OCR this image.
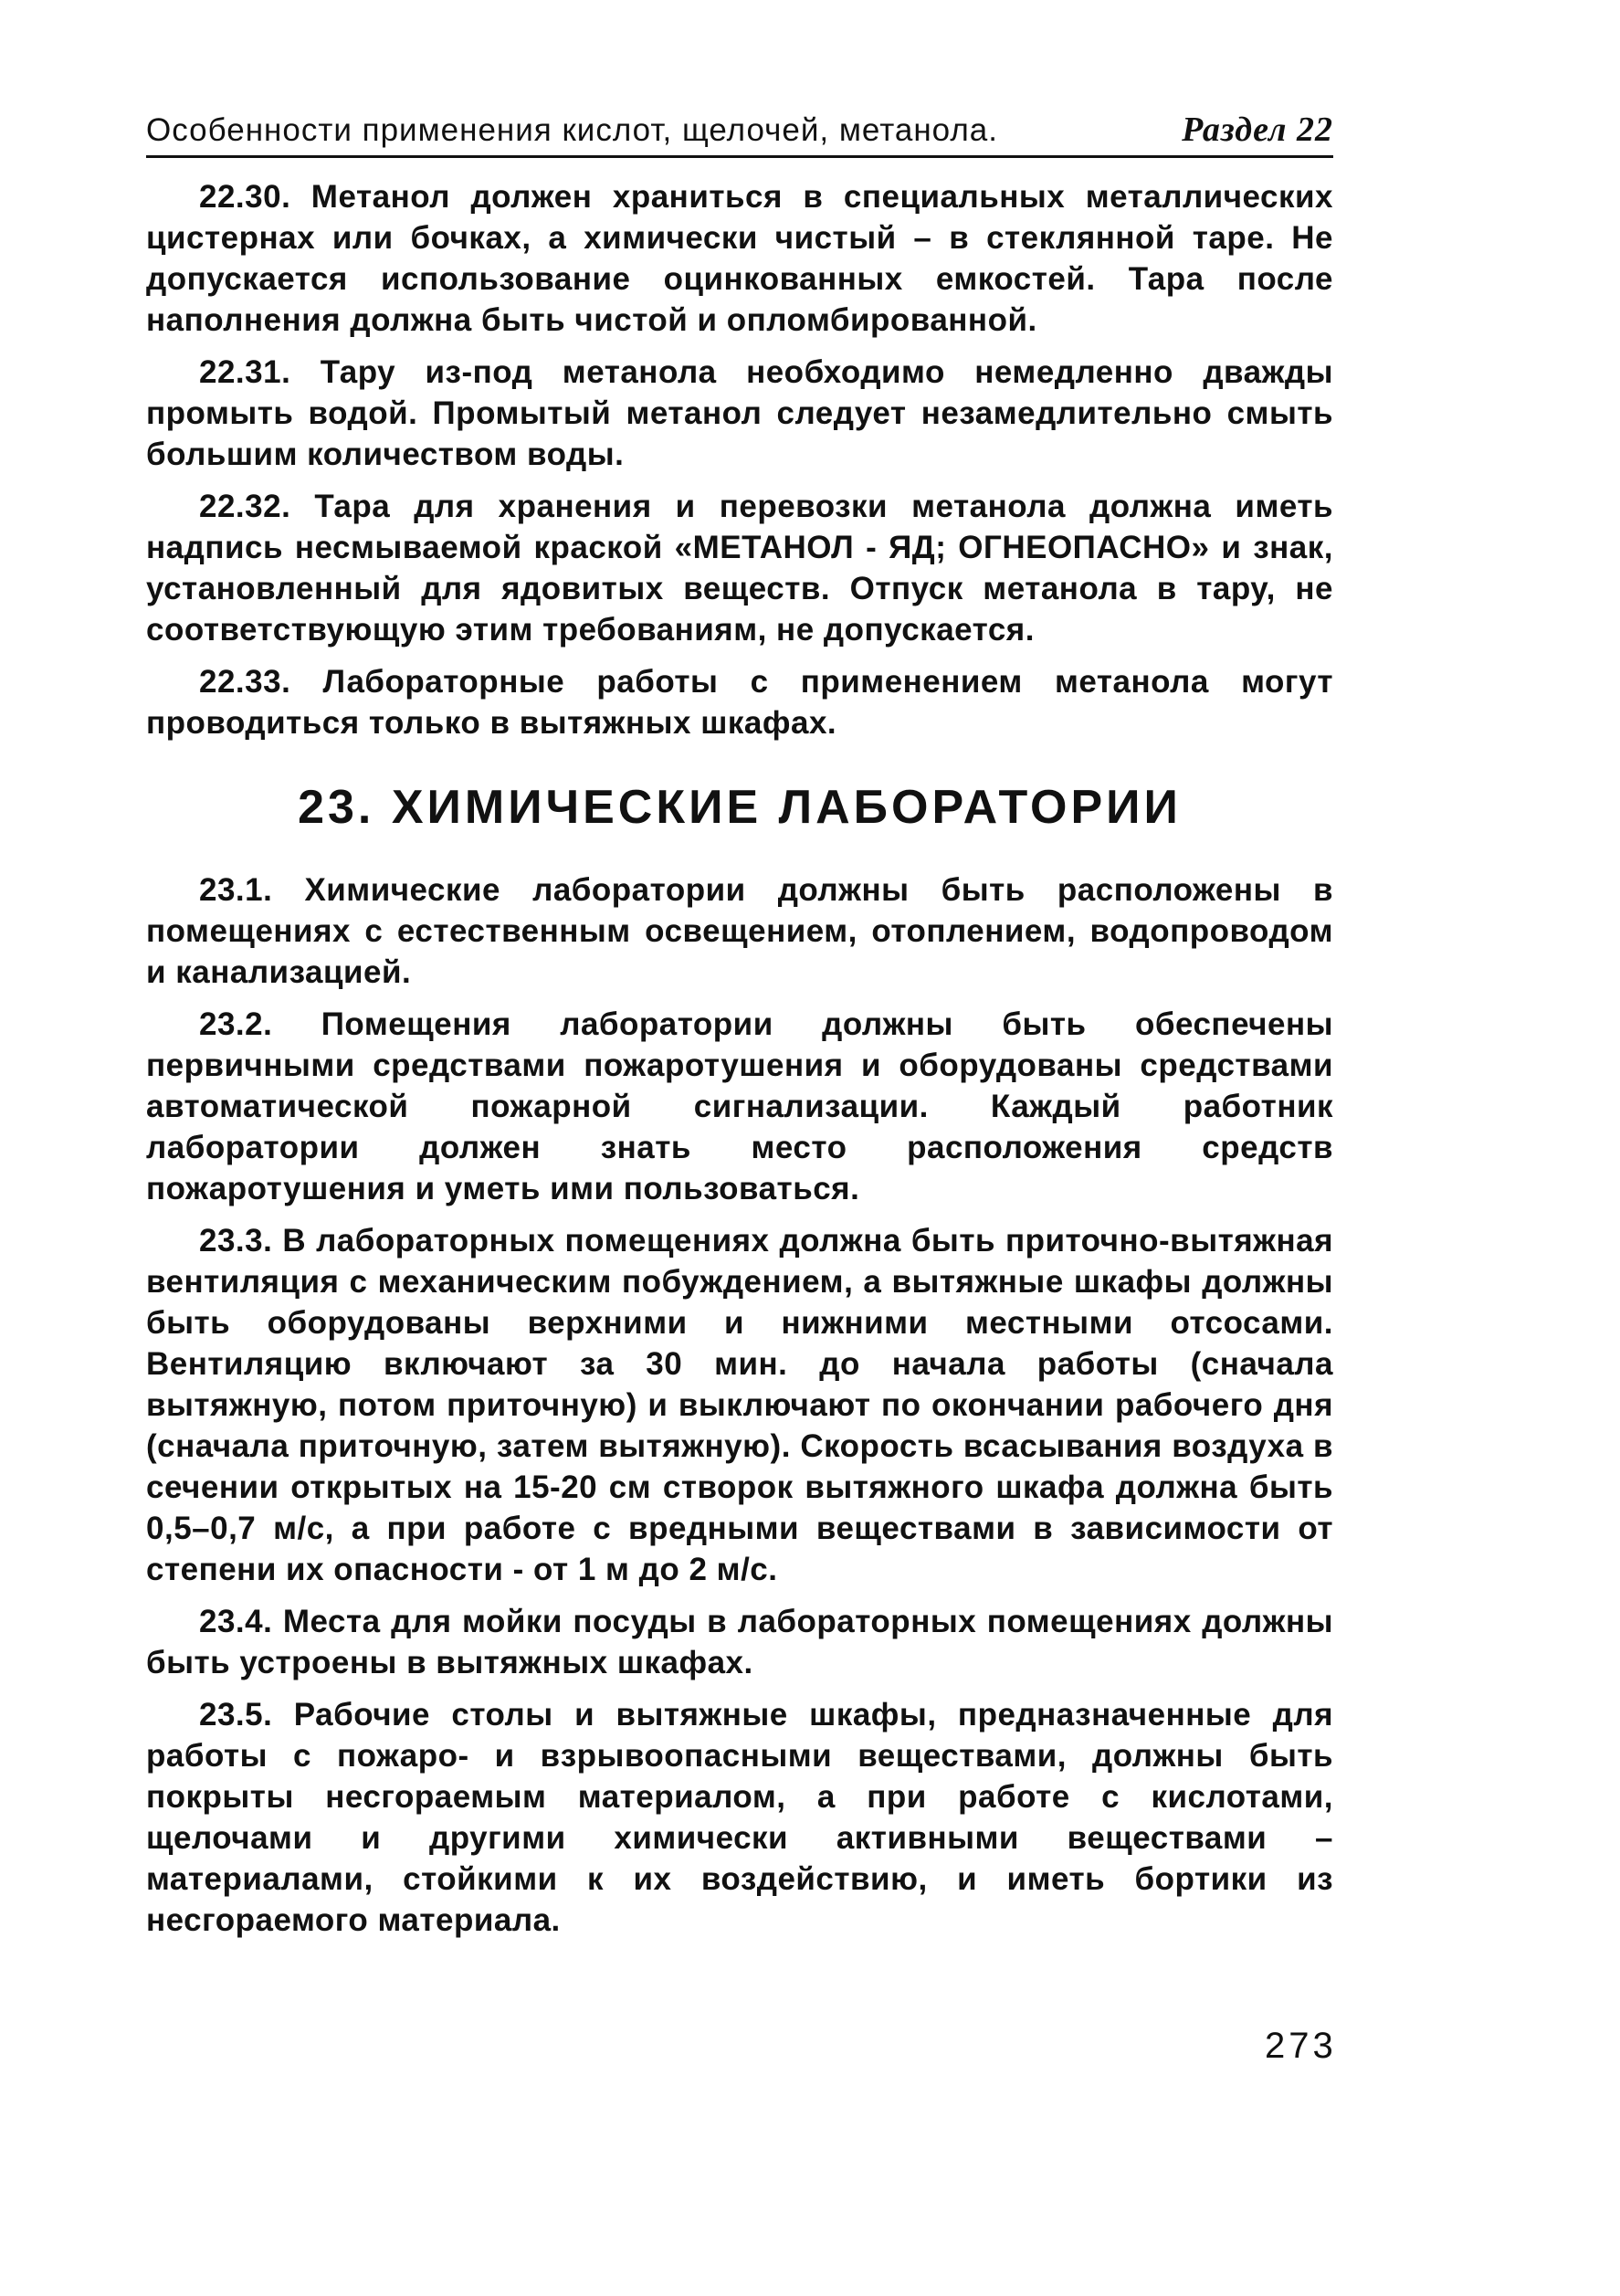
Особенности применения кислот, щелочей, метанола.	Раздел 22

22.30. Метанол должен храниться в специальных металлических цистернах или бочках, а химически чистый – в стеклянной таре. Не допускается использование оцинкованных емкостей. Тара после наполнения должна быть чистой и опломбированной.

22.31. Тару из-под метанола необходимо немедленно дважды промыть водой. Промытый метанол следует незамедлительно смыть большим количеством воды.

22.32. Тара для хранения и перевозки метанола должна иметь надпись несмываемой краской «МЕТАНОЛ - ЯД; ОГНЕОПАСНО» и знак, установленный для ядовитых веществ. Отпуск метанола в тару, не соответствующую этим требованиям, не допускается.

22.33. Лабораторные работы с применением метанола могут проводиться только в вытяжных шкафах.

23. ХИМИЧЕСКИЕ ЛАБОРАТОРИИ

23.1. Химические лаборатории должны быть расположены в помещениях с естественным освещением, отоплением, водопроводом и канализацией.

23.2. Помещения лаборатории должны быть обеспечены первичными средствами пожаротушения и оборудованы средствами автоматической пожарной сигнализации. Каждый работник лаборатории должен знать место расположения средств пожаротушения и уметь ими пользоваться.

23.3. В лабораторных помещениях должна быть приточно-вытяжная вентиляция с механическим побуждением, а вытяжные шкафы должны быть оборудованы верхними и нижними местными отсосами. Вентиляцию включают за 30 мин. до начала работы (сначала вытяжную, потом приточную) и выключают по окончании рабочего дня (сначала приточную, затем вытяжную). Скорость всасывания воздуха в сечении открытых на 15-20 см створок вытяжного шкафа должна быть 0,5–0,7 м/с, а при работе с вредными веществами в зависимости от степени их опасности - от 1 м до 2 м/с.

23.4. Места для мойки посуды в лабораторных помещениях должны быть устроены в вытяжных шкафах.

23.5. Рабочие столы и вытяжные шкафы, предназначенные для работы с пожаро- и взрывоопасными веществами, должны быть покрыты несгораемым материалом, а при работе с кислотами, щелочами и другими химически активными веществами – материалами, стойкими к их воздействию, и иметь бортики из несгораемого материала.

273
